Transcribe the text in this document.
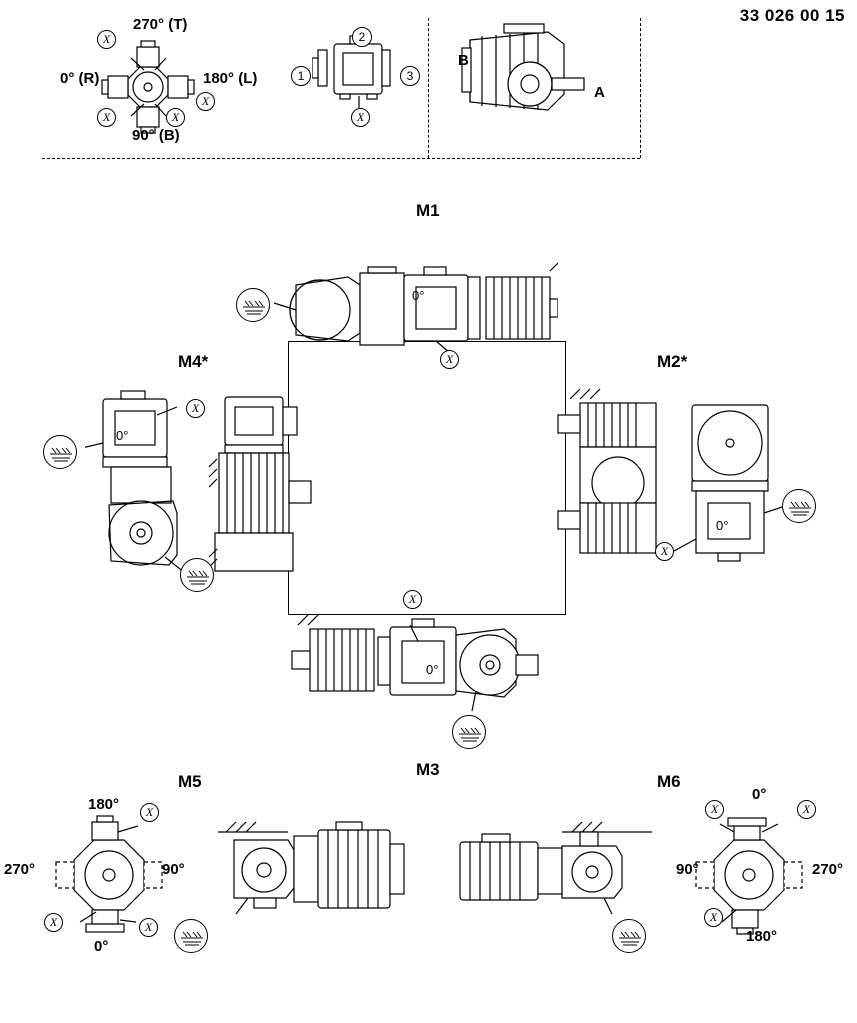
33 026 00 15
X
X
X	X
270° (T)
0° (R)	180° (L)
90° (B)
1
2
3
X
B
A
M1
0°
X
M4*
0°
X
M2*
0°
X
0°
X
M3
M5
180°
270°	90°
0°
X
X	X
M6
0°
90°	270°
180°
X	X
X
